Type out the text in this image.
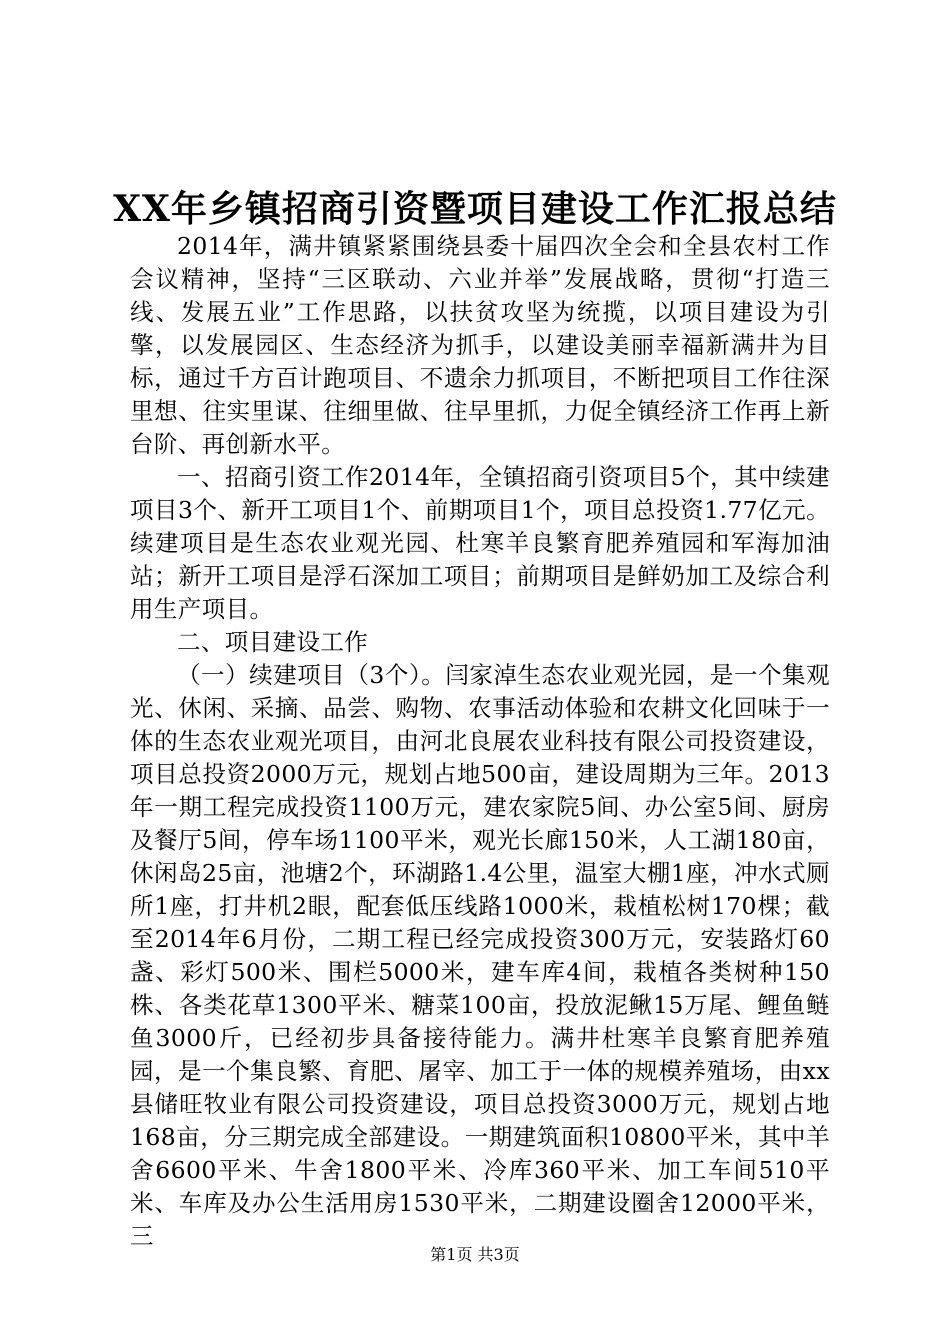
XX年乡镇招商引资暨项目建设工作汇报总结

2014年，满井镇紧紧围绕县委十届四次全会和全县农村工作会议精神，坚持“三区联动、六业并举”发展战略，贯彻“打造三线、发展五业”工作思路，以扶贫攻坚为统揽，以项目建设为引擎，以发展园区、生态经济为抓手，以建设美丽幸福新满井为目标，通过千方百计跑项目、不遗余力抓项目，不断把项目工作往深里想、往实里谋、往细里做、往早里抓，力促全镇经济工作再上新台阶、再创新水平。

一、招商引资工作2014年，全镇招商引资项目5个，其中续建项目3个、新开工项目1个、前期项目1个，项目总投资1.77亿元。续建项目是生态农业观光园、杜寒羊良繁育肥养殖园和军海加油站；新开工项目是浮石深加工项目；前期项目是鲜奶加工及综合利用生产项目。

二、项目建设工作

（一）续建项目（3个）。闫家淖生态农业观光园，是一个集观光、休闲、采摘、品尝、购物、农事活动体验和农耕文化回味于一体的生态农业观光项目，由河北良展农业科技有限公司投资建设，项目总投资2000万元，规划占地500亩，建设周期为三年。2013年一期工程完成投资1100万元，建农家院5间、办公室5间、厨房及餐厅5间，停车场1100平米，观光长廊150米，人工湖180亩，休闲岛25亩，池塘2个，环湖路1.4公里，温室大棚1座，冲水式厕所1座，打井机2眼，配套低压线路1000米，栽植松树170棵；截至2014年6月份，二期工程已经完成投资300万元，安装路灯60盏、彩灯500米、围栏5000米，建车库4间，栽植各类树种150株、各类花草1300平米、糖菜100亩，投放泥鳅15万尾、鲤鱼鲢鱼3000斤，已经初步具备接待能力。满井杜寒羊良繁育肥养殖园，是一个集良繁、育肥、屠宰、加工于一体的规模养殖场，由xx县储旺牧业有限公司投资建设，项目总投资3000万元，规划占地168亩，分三期完成全部建设。一期建筑面积10800平米，其中羊舍6600平米、牛舍1800平米、冷库360平米、加工车间510平米、车库及办公生活用房1530平米，二期建设圈舍12000平米，三

第1页 共3页
